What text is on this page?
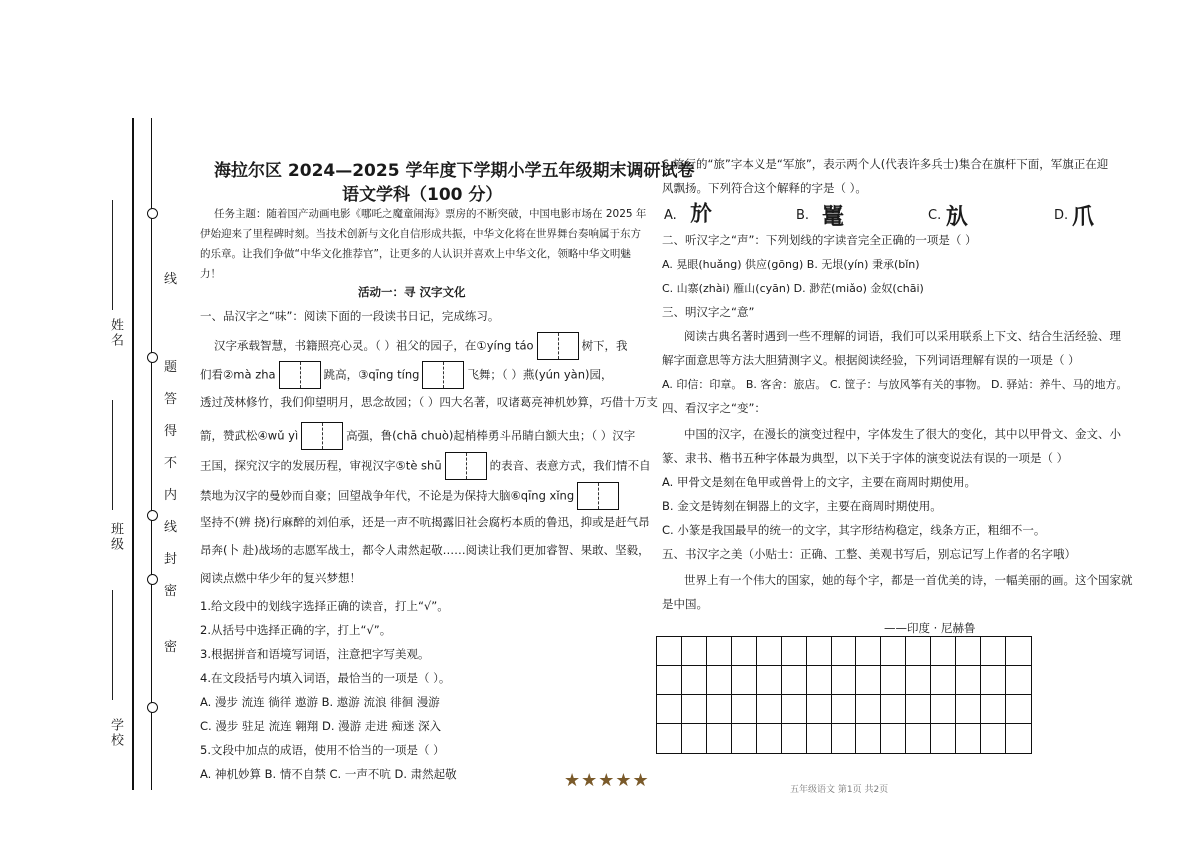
姓名
班级
学校
线
题
答
得
不
内
线
封
密
密
海拉尔区 2024—2025 学年度下学期小学五年级期末调研试卷
语文学科（100 分）
任务主题：随着国产动画电影《哪吒之魔童闹海》票房的不断突破，中国电影市场在 2025 年
伊始迎来了里程碑时刻。当技术创新与文化自信形成共振，中华文化将在世界舞台奏响属于东方
的乐章。让我们争做“中华文化推荐官”，让更多的人认识并喜欢上中华文化，领略中华文明魅
力！
活动一：寻 汉字文化
一、品汉字之“味”：阅读下面的一段读书日记，完成练习。
汉字承载智慧，书籍照亮心灵。（ ）祖父的园子，在①yíng táo	树下，我
们看②mà zha	跳高，③qīng tíng	飞舞；（ ）燕(yún yàn)园，
透过茂林修竹，我们仰望明月，思念故园；（ ）四大名著，叹诸葛亮神机妙算，巧借十万支
箭，赞武松④wǔ yì	高强，鲁(chā chuò)起梢棒勇斗吊睛白额大虫；（ ）汉字
王国，探究汉字的发展历程，审视汉字⑤tè shū	的表音、表意方式，我们情不自
禁地为汉字的曼妙而自豪；回望战争年代，不论是为保持大脑⑥qīng xǐng
坚持不(辨 挠)行麻醉的刘伯承，还是一声不吭揭露旧社会腐朽本质的鲁迅，抑或是赶气昂
昂奔(卜 赴)战场的志愿军战士，都令人肃然起敬……阅读让我们更加睿智、果敢、坚毅，
阅读点燃中华少年的复兴梦想！
1.给文段中的划线字选择正确的读音，打上“√”。
2.从括号中选择正确的字，打上“√”。
3.根据拼音和语境写词语，注意把字写美观。
4.在文段括号内填入词语，最恰当的一项是（ ）。
A. 漫步 流连 徜徉 遨游 B. 遨游 流浪 徘徊 漫游
C. 漫步 驻足 流连 翱翔 D. 漫游 走进 痴迷 深入
5.文段中加点的成语，使用不恰当的一项是（ ）
A. 神机妙算 B. 情不自禁 C. 一声不吭 D. 肃然起敬
6.旅行的“旅”字本义是“军旅”，表示两个人(代表许多兵士)集合在旗杆下面，军旗正在迎
风飘扬。下列符合这个解释的字是（ ）。
A. 𣃘	B. 鼍	C. 㫃	D. 爪
二、听汉字之“声”：下列划线的字读音完全正确的一项是（ ）
A. 晃眼(huǎng) 供应(gōng) B. 无垠(yín) 秉承(bǐn)
C. 山寨(zhài) 雁山(cyān) D. 渺茫(miǎo) 金奴(chāi)
三、明汉字之“意”
阅读古典名著时遇到一些不理解的词语，我们可以采用联系上下文、结合生活经验、理
解字面意思等方法大胆猜测字义。根据阅读经验，下列词语理解有误的一项是（ ）
A. 印信：印章。 B. 客舍：旅店。 C. 筐子：与放风筝有关的事物。 D. 驿站：养牛、马的地方。
四、看汉字之“变”：
中国的汉字，在漫长的演变过程中，字体发生了很大的变化，其中以甲骨文、金文、小
篆、隶书、楷书五种字体最为典型，以下关于字体的演变说法有误的一项是（ ）
A. 甲骨文是刻在龟甲或兽骨上的文字，主要在商周时期使用。
B. 金文是铸刻在铜器上的文字，主要在商周时期使用。
C. 小篆是我国最早的统一的文字，其字形结构稳定，线条方正，粗细不一。
五、书汉字之美（小贴士：正确、工整、美观书写后，别忘记写上作者的名字哦）
世界上有一个伟大的国家，她的每个字，都是一首优美的诗，一幅美丽的画。这个国家就
是中国。
——印度 · 尼赫鲁
★★★★★	五年级语文 第1页 共2页
